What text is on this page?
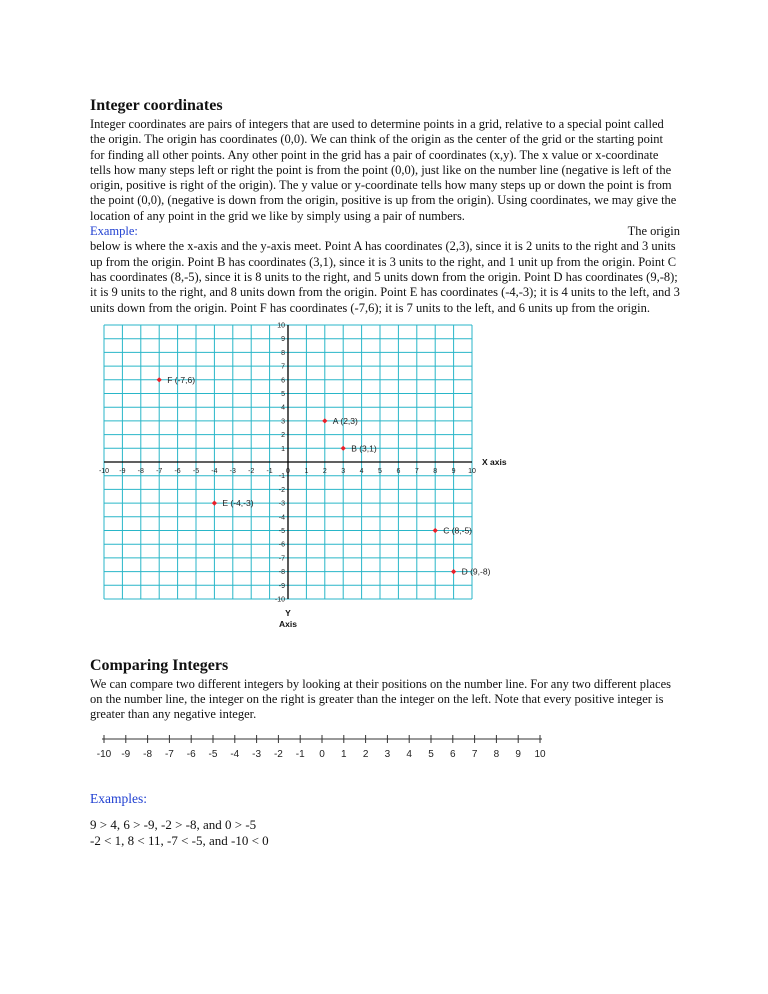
Integer coordinates

Integer coordinates are pairs of integers that are used to determine points in a grid, relative to a special point called the origin. The origin has coordinates (0,0). We can think of the origin as the center of the grid or the starting point for finding all other points. Any other point in the grid has a pair of coordinates (x,y). The x value or x-coordinate tells how many steps left or right the point is from the point (0,0), just like on the number line (negative is left of the origin, positive is right of the origin). The y value or y-coordinate tells how many steps up or down the point is from the point (0,0), (negative is down from the origin, positive is up from the origin). Using coordinates, we may give the location of any point in the grid we like by simply using a pair of numbers.

Example:	The origin

below is where the x-axis and the y-axis meet. Point A has coordinates (2,3), since it is 2 units to the right and 3 units up from the origin. Point B has coordinates (3,1), since it is 3 units to the right, and 1 unit up from the origin. Point C has coordinates (8,-5), since it is 8 units to the right, and 5 units down from the origin. Point D has coordinates (9,-8); it is 9 units to the right, and 8 units down from the origin. Point E has coordinates (-4,-3); it is 4 units to the left, and 3 units down from the origin. Point F has coordinates (-7,6); it is 7 units to the left, and 6 units up from the origin.

-10
-10
-9
-9
-8
-8
-7
-7
-6
-6
-5
-5
-4
-4
-3
-3
-2
-2
-1
-1
0 1
1
2
2
3
3
4
4
5
5
6
6
7
7
8
8
9
9
10
10
X axis
Y
Axis
A (2,3)
B (3,1)
C (8,-5)
D (9,-8)
E (-4,-3)
F (-7,6)
Comparing Integers

We can compare two different integers by looking at their positions on the number line. For any two different places on the number line, the integer on the right is greater than the integer on the left. Note that every positive integer is greater than any negative integer.

-10 -9 -8 -7 -6 -5 -4 -3 -2 -1 0 1 2 3 4 5 6 7 8 9 10
Examples:
9 > 4, 6 > -9, -2 > -8, and 0 > -5
-2 < 1, 8 < 11, -7 < -5, and -10 < 0
